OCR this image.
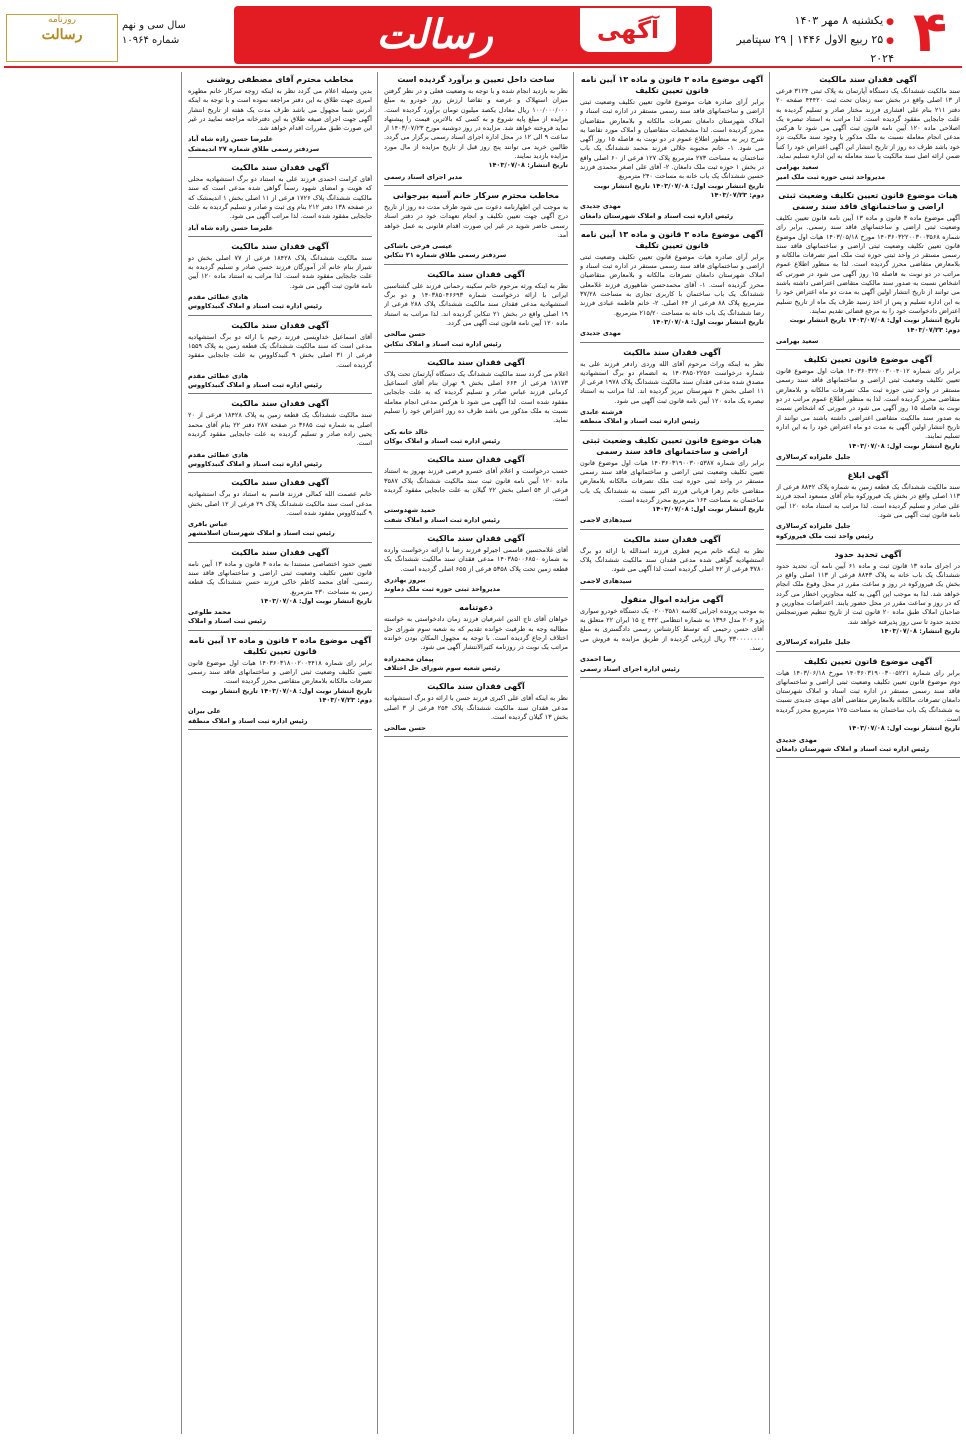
۴
●یکشنبه ۸ مهر ۱۴۰۳
●۲۵ ربیع الاول ۱۴۴۶ | ۲۹ سپتامبر ۲۰۲۴
آگهی
رسالت
سال سی و نهم
شماره ۱۰۹۶۴
روزنامه
رسالت
آگهی فقدان سند مالکیت

سند مالکیت ششدانگ یک دستگاه آپارتمان به پلاک ثبتی ۳۱۲۴ فرعی از ۱۳ اصلی واقع در بخش سه زنجان تحت ثبت ۴۴۴۲۰ صفحه ۲۰ دفتر ۲۱۱ بنام علی افشاری فرزند مختار صادر و تسلیم گردیده به علت جابجایی مفقود گردیده است. لذا مراتب به استناد تبصره یک اصلاحی ماده ۱۲۰ آیین نامه قانون ثبت آگهی می شود تا هرکس مدعی انجام معامله نسبت به ملک مذکور یا وجود سند مالکیت نزد خود باشد ظرف ده روز از تاریخ انتشار این آگهی اعتراض خود را کتباً ضمن ارائه اصل سند مالکیت یا سند معامله به این اداره تسلیم نماید.

سعید بهرامی

مدیرواحد ثبتی حوزه ثبت ملک امیر

هیات موضوع قانون تعیین تکلیف وضعیت ثبتی اراضی و ساختمانهای فاقد سند رسمی

آگهی موضوع ماده ۳ قانون و ماده ۱۳ آیین نامه قانون تعیین تکلیف وضعیت ثبتی اراضی و ساختمانهای فاقد سند رسمی. برابر رای شماره ۱۴۰۳۶۰۳۲۲۰۰۳۰۰۳۵۶۸ مورخ ۱۴۰۳/۰۵/۱۸ هیات اول موضوع قانون تعیین تکلیف وضعیت ثبتی اراضی و ساختمانهای فاقد سند رسمی مستقر در واحد ثبتی حوزه ثبت ملک امیر تصرفات مالکانه و بلامعارض متقاضی محرز گردیده است. لذا به منظور اطلاع عموم مراتب در دو نوبت به فاصله ۱۵ روز آگهی می شود در صورتی که اشخاص نسبت به صدور سند مالکیت متقاضی اعتراضی داشته باشند می توانند از تاریخ انتشار اولین آگهی به مدت دو ماه اعتراض خود را به این اداره تسلیم و پس از اخذ رسید ظرف یک ماه از تاریخ تسلیم اعتراض دادخواست خود را به مرجع قضائی تقدیم نمایند.

تاریخ انتشار نوبت اول: ۱۴۰۳/۰۷/۰۸ تاریخ انتشار نوبت دوم: ۱۴۰۳/۰۷/۲۳

سعید بهرامی

آگهی موضوع قانون تعیین تکلیف

برابر رای شماره ۱۴۰۳۶۰۳۲۲۰۰۳۰۰۴۰۱۲ هیات اول موضوع قانون تعیین تکلیف وضعیت ثبتی اراضی و ساختمانهای فاقد سند رسمی مستقر در واحد ثبتی حوزه ثبت ملک تصرفات مالکانه و بلامعارض متقاضی محرز گردیده است. لذا به منظور اطلاع عموم مراتب در دو نوبت به فاصله ۱۵ روز آگهی می شود در صورتی که اشخاص نسبت به صدور سند مالکیت متقاضی اعتراضی داشته باشند می توانند از تاریخ انتشار اولین آگهی به مدت دو ماه اعتراض خود را به این اداره تسلیم نمایند.

تاریخ انتشار نوبت اول: ۱۴۰۳/۰۷/۰۸

جلیل علیزاده کرسالاری

آگهی ابلاغ

سند مالکیت ششدانگ یک قطعه زمین به شماره پلاک ۸۸۴۲ فرعی از ۱۱۳ اصلی واقع در بخش یک فیروزکوه بنام آقای مسعود امجد فرزند علی صادر و تسلیم گردیده است. لذا مراتب به استناد ماده ۱۲۰ آیین نامه قانون ثبت آگهی می شود.

جلیل علیزاده کرسالاری

رئیس واحد ثبت ملک فیروزکوه

آگهی تحدید حدود

در اجرای ماده ۱۳ قانون ثبت و ماده ۶۱ آیین نامه آن، تحدید حدود ششدانگ یک باب خانه به پلاک ۸۸۴۳ فرعی از ۱۱۳ اصلی واقع در بخش یک فیروزکوه در روز و ساعت مقرر در محل وقوع ملک انجام خواهد شد. لذا به موجب این آگهی به کلیه مجاورین اخطار می گردد که در روز و ساعت مقرر در محل حضور یابند. اعتراضات مجاورین و صاحبان املاک طبق ماده ۲۰ قانون ثبت از تاریخ تنظیم صورتمجلس تحدید حدود تا سی روز پذیرفته خواهد شد.

تاریخ انتشار: ۱۴۰۳/۰۷/۰۸

جلیل علیزاده کرسالاری

آگهی موضوع قانون تعیین تکلیف

برابر رای شماره ۱۴۰۳۶۰۳۱۹۰۰۳۰۰۵۲۲۱ مورخ ۱۴۰۳/۰۶/۱۸ هیات دوم موضوع قانون تعیین تکلیف وضعیت ثبتی اراضی و ساختمانهای فاقد سند رسمی مستقر در اداره ثبت اسناد و املاک شهرستان دامغان تصرفات مالکانه بلامعارض متقاضی آقای مهدی جدیدی نسبت به ششدانگ یک باب ساختمان به مساحت ۱۲۵ مترمربع محرز گردیده است.

تاریخ انتشار نوبت اول: ۱۴۰۳/۰۷/۰۸

مهدی جدیدی

رئیس اداره ثبت اسناد و املاک شهرستان دامغان

آگهی موضوع ماده ۳ قانون و ماده ۱۳ آیین نامه قانون تعیین تکلیف

برابر آرای صادره هیات موضوع قانون تعیین تکلیف وضعیت ثبتی اراضی و ساختمانهای فاقد سند رسمی مستقر در اداره ثبت اسناد و املاک شهرستان دامغان تصرفات مالکانه و بلامعارض متقاضیان محرز گردیده است. لذا مشخصات متقاضیان و املاک مورد تقاضا به شرح زیر به منظور اطلاع عموم در دو نوبت به فاصله ۱۵ روز آگهی می شود. ۱- خانم محبوبه جلالی فرزند محمد ششدانگ یک باب ساختمان به مساحت ۲۷۳ مترمربع پلاک ۱۲۷ فرعی از ۶۰ اصلی واقع در بخش ۱ حوزه ثبت ملک دامغان. ۲- آقای علی اصغر محمدی فرزند حسین ششدانگ یک باب خانه به مساحت ۲۴۰ مترمربع.

تاریخ انتشار نوبت اول: ۱۴۰۳/۰۷/۰۸ تاریخ انتشار نوبت دوم: ۱۴۰۳/۰۷/۲۳

مهدی جدیدی

رئیس اداره ثبت اسناد و املاک شهرستان دامغان

آگهی موضوع ماده ۳ قانون و ماده ۱۳ آیین نامه قانون تعیین تکلیف

برابر آرای صادره هیات موضوع قانون تعیین تکلیف وضعیت ثبتی اراضی و ساختمانهای فاقد سند رسمی مستقر در اداره ثبت اسناد و املاک شهرستان دامغان تصرفات مالکانه و بلامعارض متقاضیان محرز گردیده است. ۱- آقای محمدحسن شاهپوری فرزند غلامعلی ششدانگ یک باب ساختمان با کاربری تجاری به مساحت ۳۷/۲۸ مترمربع پلاک ۸۸ فرعی از ۶۴ اصلی. ۲- خانم فاطمه عبادی فرزند رضا ششدانگ یک باب خانه به مساحت ۲۱۵/۲۰ مترمربع.

تاریخ انتشار نوبت اول: ۱۴۰۳/۰۷/۰۸

مهدی جدیدی

آگهی فقدان سند مالکیت

نظر به اینکه وراث مرحوم آقای الله وردی رادفر فرزند علی به شماره درخواست ۱۴۰۳۸۵۰۲۲۵۶ به انضمام دو برگ استشهادیه مصدق شده مدعی فقدان سند مالکیت ششدانگ پلاک ۱۹۷۸ فرعی از ۱۱ اصلی بخش ۴ شهرستان تبریز گردیده اند. لذا مراتب به استناد تبصره یک ماده ۱۲۰ آیین نامه قانون ثبت آگهی می شود.

فرشته عابدی

رئیس اداره ثبت اسناد و املاک منطقه

هیات موضوع قانون تعیین تکلیف وضعیت ثبتی اراضی و ساختمانهای فاقد سند رسمی

برابر رای شماره ۱۴۰۳۶۰۳۱۹۰۰۳۰۰۵۳۸۷ هیات اول موضوع قانون تعیین تکلیف وضعیت ثبتی اراضی و ساختمانهای فاقد سند رسمی مستقر در واحد ثبتی حوزه ثبت ملک تصرفات مالکانه بلامعارض متقاضی خانم زهرا قربانی فرزند اکبر نسبت به ششدانگ یک باب ساختمان به مساحت ۱۶۴ مترمربع محرز گردیده است.

تاریخ انتشار نوبت اول: ۱۴۰۳/۰۷/۰۸

سیدهادی لاجمی

آگهی فقدان سند مالکیت

نظر به اینکه خانم مریم قطری فرزند اسدالله با ارائه دو برگ استشهادیه گواهی شده مدعی فقدان سند مالکیت ششدانگ پلاک ۳۷۸۰ فرعی از ۴۲ اصلی گردیده است لذا آگهی می شود.

سیدهادی لاجمی

آگهی مزایده اموال منقول

به موجب پرونده اجرایی کلاسه ۰۲۰۰۳۵۸۱ یک دستگاه خودرو سواری پژو ۲۰۶ مدل ۱۳۹۶ به شماره انتظامی ۴۴۲ ج ۱۵ ایران ۲۲ متعلق به آقای حسن رحیمی که توسط کارشناس رسمی دادگستری به مبلغ ۳۳۰۰۰۰۰۰۰۰ ریال ارزیابی گردیده از طریق مزایده به فروش می رسد.

رضا احمدی

رئیس اداره اجرای اسناد رسمی

ساخت داخل تعیین و برآورد گردیده است

نظر به بازدید انجام شده و با توجه به وضعیت فعلی و در نظر گرفتن میزان استهلاک و عرضه و تقاضا ارزش روز خودرو به مبلغ ۱۰۰/۰۰۰/۰۰۰ ریال معادل یکصد میلیون تومان برآورد گردیده است. مزایده از مبلغ پایه شروع و به کسی که بالاترین قیمت را پیشنهاد نماید فروخته خواهد شد. مزایده در روز دوشنبه مورخ ۱۴۰۳/۰۷/۲۳ از ساعت ۹ الی ۱۲ در محل اداره اجرای اسناد رسمی برگزار می گردد. طالبین خرید می توانند پنج روز قبل از تاریخ مزایده از مال مورد مزایده بازدید نمایند.

تاریخ انتشار: ۱۴۰۳/۰۷/۰۸

مدیر اجرای اسناد رسمی

مخاطب محترم سرکار خانم آسیه بیرجوانی

به موجب این اظهارنامه دعوت می شود ظرف مدت ده روز از تاریخ درج آگهی جهت تعیین تکلیف و انجام تعهدات خود در دفتر اسناد رسمی حاضر شوید در غیر این صورت اقدام قانونی به عمل خواهد آمد.

عیسی فرخی باشاکی

سردفتر رسمی طلاق شماره ۲۱ تنکابن

آگهی فقدان سند مالکیت

نظر به اینکه ورثه مرحوم خانم سکینه رحمانی فرزند علی گشتاسبی ایرانی با ارائه درخواست شماره ۱۴۰۳۸۵۰۴۶۶۹۳ و دو برگ استشهادیه مدعی فقدان سند مالکیت ششدانگ پلاک ۲۸۸ فرعی از ۱۹ اصلی واقع در بخش ۲۱ تنکابن گردیده اند. لذا مراتب به استناد ماده ۱۲۰ آیین نامه قانون ثبت آگهی می گردد.

حسن صالحی

رئیس اداره ثبت اسناد و املاک تنکابن

آگهی فقدان سند مالکیت

اعلام می گردد سند مالکیت ششدانگ یک دستگاه آپارتمان تحت پلاک ۱۸۱۷۳ فرعی از ۶۶۴ اصلی بخش ۹ تهران بنام آقای اسماعیل کرمانی فرزند عباس صادر و تسلیم گردیده که به علت جابجایی مفقود شده است. لذا آگهی می شود تا هرکس مدعی انجام معامله نسبت به ملک مذکور می باشد ظرف ده روز اعتراض خود را تسلیم نماید.

خالد خانه بکی

رئیس اداره ثبت اسناد و املاک بوکان

آگهی فقدان سند مالکیت

حسب درخواست و اعلام آقای خسرو فرضی فرزند بهروز به استناد ماده ۱۲۰ آیین نامه قانون ثبت سند مالکیت ششدانگ پلاک ۳۵۸۷ فرعی از ۵۴ اصلی بخش ۲۲ گیلان به علت جابجایی مفقود گردیده است.

حمید شهدوستی

رئیس اداره ثبت اسناد و املاک شفت

آگهی فقدان سند مالکیت

آقای غلامحسین قاسمی اجیرلو فرزند رضا با ارائه درخواست وارده به شماره ۱۴۰۳۸۵۰۰۶۸۵۰ مدعی فقدان سند مالکیت ششدانگ یک قطعه زمین تحت پلاک ۵۳۵۸ فرعی از ۶۵۵ اصلی گردیده است.

بیروز بهادری

مدیرواحد ثبتی حوزه ثبت ملک دماوند

دعوتنامه

خواهان آقای تاج الدین اشرفیان فرزند زمان دادخواستی به خواسته مطالبه وجه به طرفیت خوانده تقدیم که به شعبه سوم شورای حل اختلاف ارجاع گردیده است. با توجه به مجهول المکان بودن خوانده مراتب یک نوبت در روزنامه کثیرالانتشار آگهی می شود.

پیمان محمدزاده

رئیس شعبه سوم شورای حل اختلاف

آگهی فقدان سند مالکیت

نظر به اینکه آقای علی اکبری فرزند حسن با ارائه دو برگ استشهادیه مدعی فقدان سند مالکیت ششدانگ پلاک ۲۵۴ فرعی از ۳ اصلی بخش ۱۳ گیلان گردیده است.

حسن صالحی

مخاطب محترم آقای مصطفی روشنی

بدین وسیله اعلام می گردد نظر به اینکه زوجه سرکار خانم مطهره امیری جهت طلاق به این دفتر مراجعه نموده است و با توجه به اینکه آدرس شما مجهول می باشد ظرف مدت یک هفته از تاریخ انتشار آگهی جهت اجرای صیغه طلاق به این دفترخانه مراجعه نمایید در غیر این صورت طبق مقررات اقدام خواهد شد.

علیرضا حسن زاده شاه آباد

سردفتر رسمی طلاق شماره ۲۷ اندیمشک

آگهی فقدان سند مالکیت

آقای کرامت احمدی فرزند علی به استناد دو برگ استشهادیه محلی که هویت و امضای شهود رسماً گواهی شده مدعی است که سند مالکیت ششدانگ پلاک ۱۷۲۶ فرعی از ۱۱ اصلی بخش ۱ اندیمشک که در صفحه ۱۳۸ دفتر ۲۱۲ بنام وی ثبت و صادر و تسلیم گردیده به علت جابجایی مفقود شده است. لذا مراتب آگهی می شود.

علیرضا حسن زاده شاه آباد

آگهی فقدان سند مالکیت

سند مالکیت ششدانگ پلاک ۱۸۴۲۸ فرعی از ۷۷ اصلی بخش دو شیراز بنام خانم آذر آمورگان فرزند حسن صادر و تسلیم گردیده به علت جابجایی مفقود شده است. لذا مراتب به استناد ماده ۱۲۰ آیین نامه قانون ثبت آگهی می شود.

هادی عطائی مقدم

رئیس اداره ثبت اسناد و املاک گنبدکاووس

آگهی فقدان سند مالکیت

آقای اسماعیل خداویسی فرزند رحیم با ارائه دو برگ استشهادیه مدعی است که سند مالکیت ششدانگ یک قطعه زمین به پلاک ۱۵۵۹ فرعی از ۳۱ اصلی بخش ۹ گنبدکاووس به علت جابجایی مفقود گردیده است.

هادی عطائی مقدم

رئیس اداره ثبت اسناد و املاک گنبدکاووس

آگهی فقدان سند مالکیت

سند مالکیت ششدانگ یک قطعه زمین به پلاک ۱۸۴۲۸ فرعی از ۲۰ اصلی به شماره ثبت ۳۶۸۵ در صفحه ۲۸۷ دفتر ۲۲ بنام آقای محمد یحیی زاده صادر و تسلیم گردیده به علت جابجایی مفقود گردیده است.

هادی عطائی مقدم

رئیس اداره ثبت اسناد و املاک گنبدکاووس

آگهی فقدان سند مالکیت

خانم عصمت الله کمالی فرزند قاسم به استناد دو برگ استشهادیه مدعی است سند مالکیت ششدانگ پلاک ۲۹ فرعی از ۱۲ اصلی بخش ۹ گنبدکاووس مفقود شده است.

عباس باقری

رئیس ثبت اسناد و املاک شهرستان اسلامشهر

آگهی فقدان سند مالکیت

تعیین حدود اختصاصی مستندا به ماده ۳ قانون و ماده ۱۳ آیین نامه قانون تعیین تکلیف وضعیت ثبتی اراضی و ساختمانهای فاقد سند رسمی. آقای محمد کاظم خاکی فرزند حسن ششدانگ یک قطعه زمین به مساحت ۴۳۰ مترمربع.

تاریخ انتشار نوبت اول: ۱۴۰۳/۰۷/۰۸

محمد طلوعی

رئیس ثبت اسناد و املاک

آگهی موضوع ماده ۳ قانون و ماده ۱۳ آیین نامه قانون تعیین تکلیف

برابر رای شماره ۱۴۰۳۶۰۳۱۸۰۰۲۰۰۴۴۱۸ هیات اول موضوع قانون تعیین تکلیف وضعیت ثبتی اراضی و ساختمانهای فاقد سند رسمی تصرفات مالکانه بلامعارض متقاضی محرز گردیده است.

تاریخ انتشار نوبت اول: ۱۴۰۳/۰۷/۰۸ تاریخ انتشار نوبت دوم: ۱۴۰۳/۰۷/۲۳

علی بیران

رئیس اداره ثبت اسناد و املاک منطقه
